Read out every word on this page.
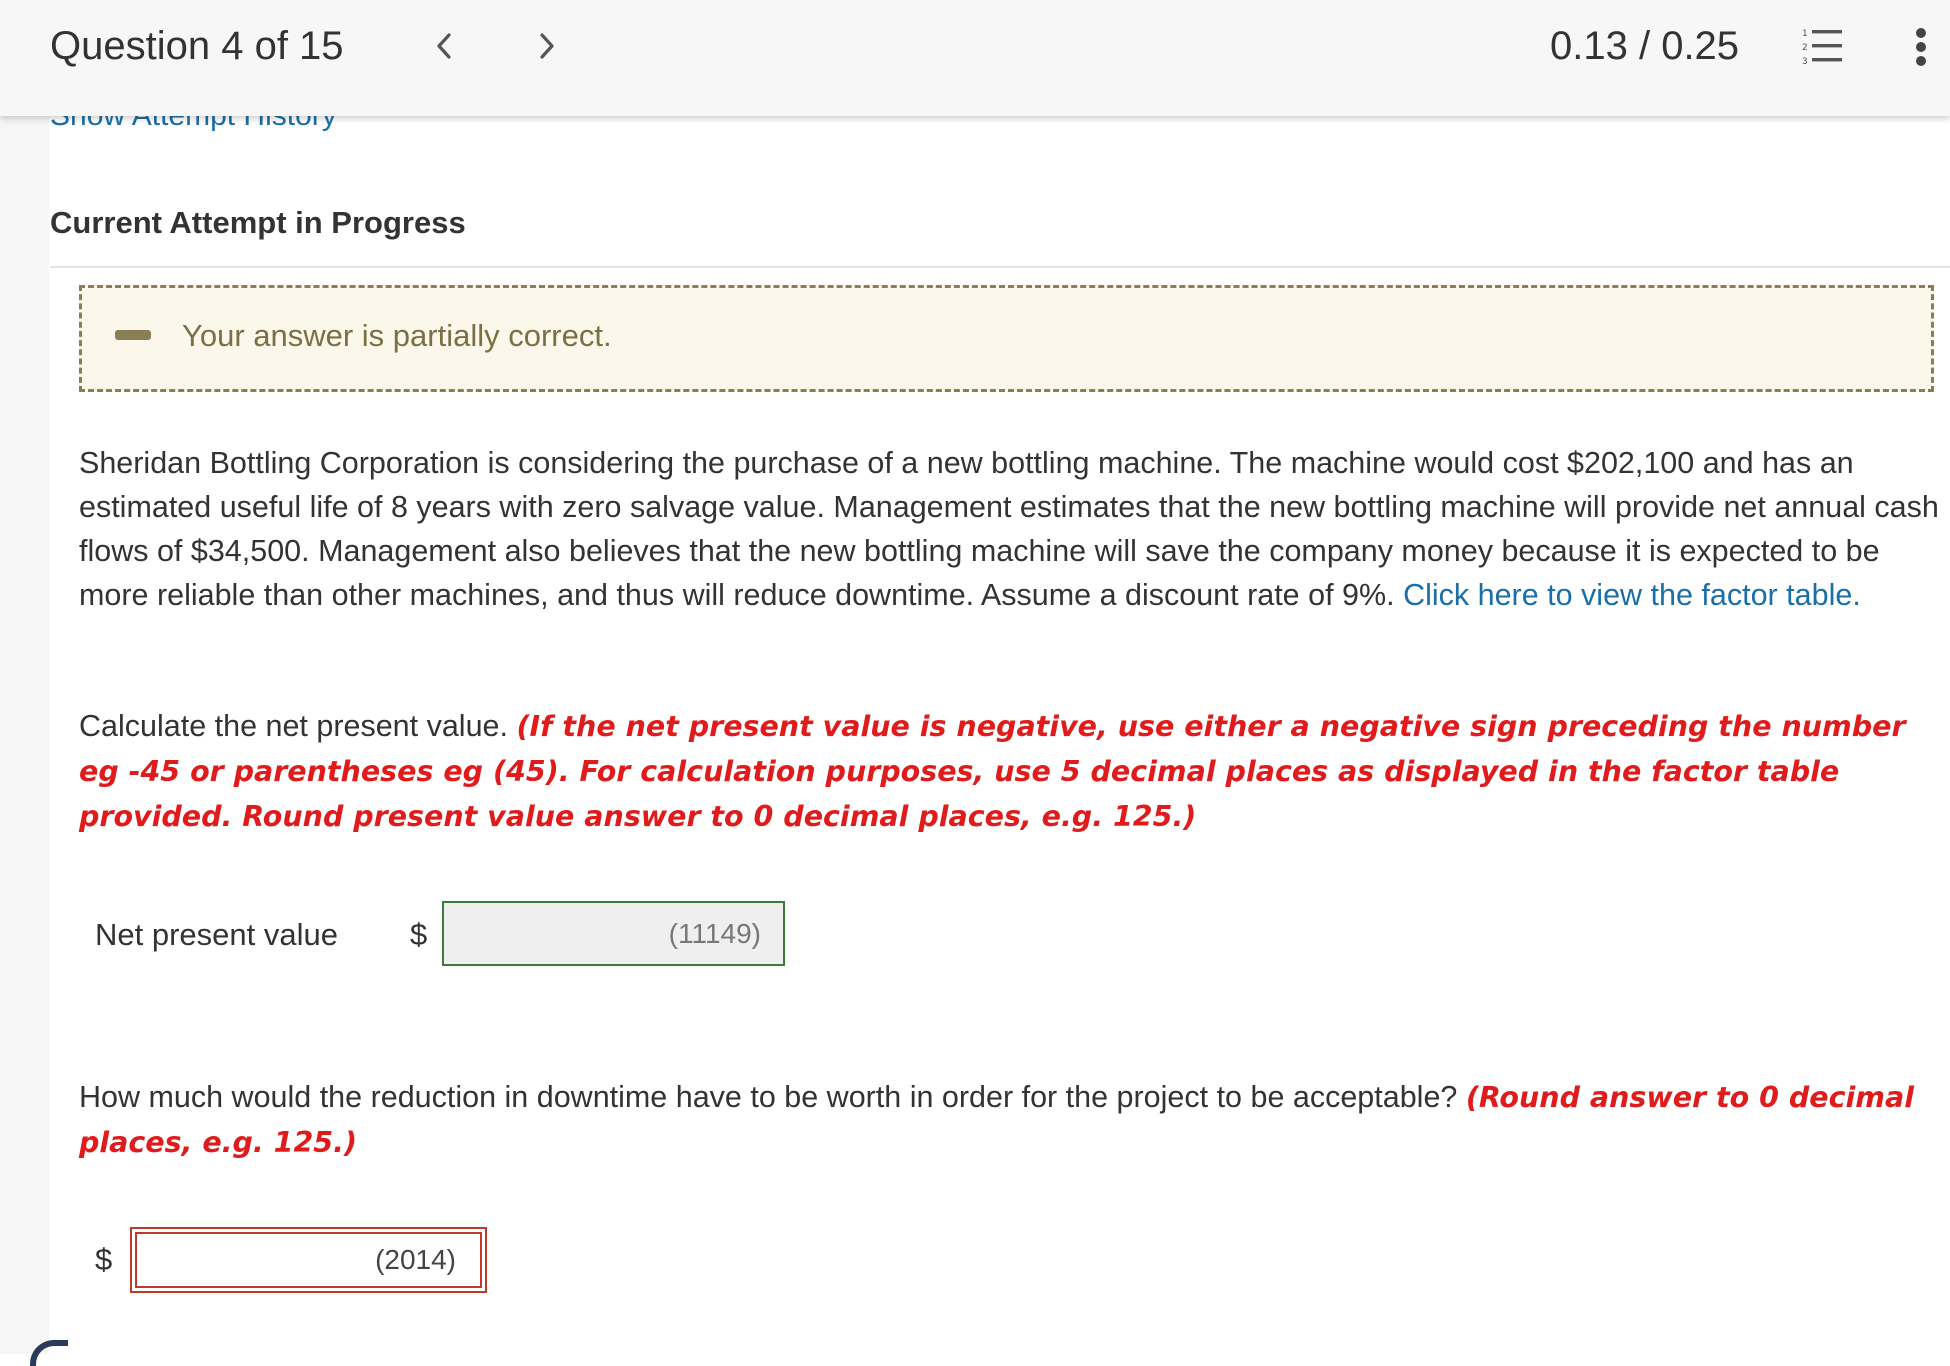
Question 4 of 15	0.13 / 0.25	1
2
3
Current Attempt in Progress
Your answer is partially correct.
Sheridan Bottling Corporation is considering the purchase of a new bottling machine. The machine would cost $202,100 and has an estimated useful life of 8 years with zero salvage value. Management estimates that the new bottling machine will provide net annual cash flows of $34,500. Management also believes that the new bottling machine will save the company money because it is expected to be more reliable than other machines, and thus will reduce downtime. Assume a discount rate of 9%. Click here to view the factor table.
Calculate the net present value. (If the net present value is negative, use either a negative sign preceding the number eg -45 or parentheses eg (45). For calculation purposes, use 5 decimal places as displayed in the factor table provided. Round present value answer to 0 decimal places, e.g. 125.)
Net present value $	(11149)
How much would the reduction in downtime have to be worth in order for the project to be acceptable? (Round answer to 0 decimal places, e.g. 125.)
$	(2014)
